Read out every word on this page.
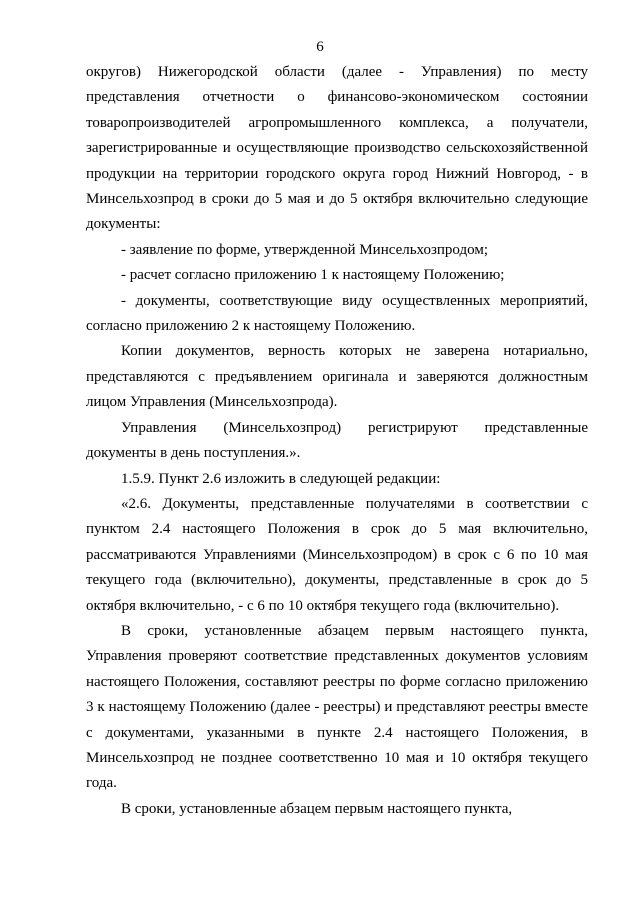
6

округов) Нижегородской области (далее - Управления) по месту представления отчетности о финансово-экономическом состоянии товаропроизводителей агропромышленного комплекса, а получатели, зарегистрированные и осуществляющие производство сельскохозяйственной продукции на территории городского округа город Нижний Новгород, - в Минсельхозпрод в сроки до 5 мая и до 5 октября включительно следующие документы:

- заявление по форме, утвержденной Минсельхозпродом;

- расчет согласно приложению 1 к настоящему Положению;

- документы, соответствующие виду осуществленных мероприятий, согласно приложению 2 к настоящему Положению.

Копии документов, верность которых не заверена нотариально, представляются с предъявлением оригинала и заверяются должностным лицом Управления (Минсельхозпрода).

Управления (Минсельхозпрод) регистрируют представленные документы в день поступления.».

1.5.9. Пункт 2.6 изложить в следующей редакции:

«2.6. Документы, представленные получателями в соответствии с пунктом 2.4 настоящего Положения в срок до 5 мая включительно, рассматриваются Управлениями (Минсельхозпродом) в срок с 6 по 10 мая текущего года (включительно), документы, представленные в срок до 5 октября включительно, - с 6 по 10 октября текущего года (включительно).

В сроки, установленные абзацем первым настоящего пункта, Управления проверяют соответствие представленных документов условиям настоящего Положения, составляют реестры по форме согласно приложению 3 к настоящему Положению (далее - реестры) и представляют реестры вместе с документами, указанными в пункте 2.4 настоящего Положения, в Минсельхозпрод не позднее соответственно 10 мая и 10 октября текущего года.

В сроки, установленные абзацем первым настоящего пункта,
